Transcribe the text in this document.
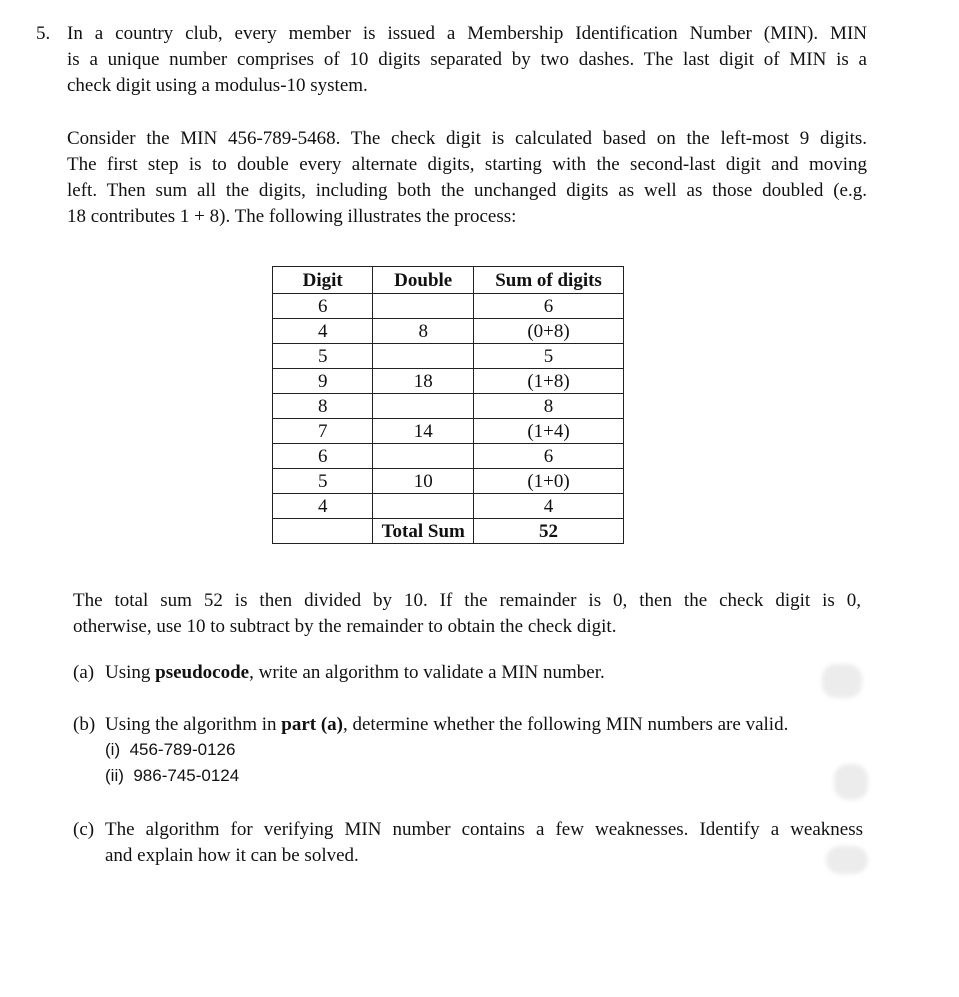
5. In a country club, every member is issued a Membership Identification Number (MIN). MIN
is a unique number comprises of 10 digits separated by two dashes. The last digit of MIN is a
check digit using a modulus-10 system.
Consider the MIN 456-789-5468. The check digit is calculated based on the left-most 9 digits.
The first step is to double every alternate digits, starting with the second-last digit and moving
left. Then sum all the digits, including both the unchanged digits as well as those doubled (e.g.
18 contributes 1 + 8). The following illustrates the process:
Digit	Double	Sum of digits
6		6
4	8	(0+8)
5		5
9	18	(1+8)
8		8
7	14	(1+4)
6		6
5	10	(1+0)
4		4
	Total Sum	52
The total sum 52 is then divided by 10. If the remainder is 0, then the check digit is 0,
otherwise, use 10 to subtract by the remainder to obtain the check digit.
(a) Using pseudocode, write an algorithm to validate a MIN number.
(b) Using the algorithm in part (a), determine whether the following MIN numbers are valid.
(i) 456-789-0126
(ii) 986-745-0124
(c) The algorithm for verifying MIN number contains a few weaknesses. Identify a weakness
and explain how it can be solved.
